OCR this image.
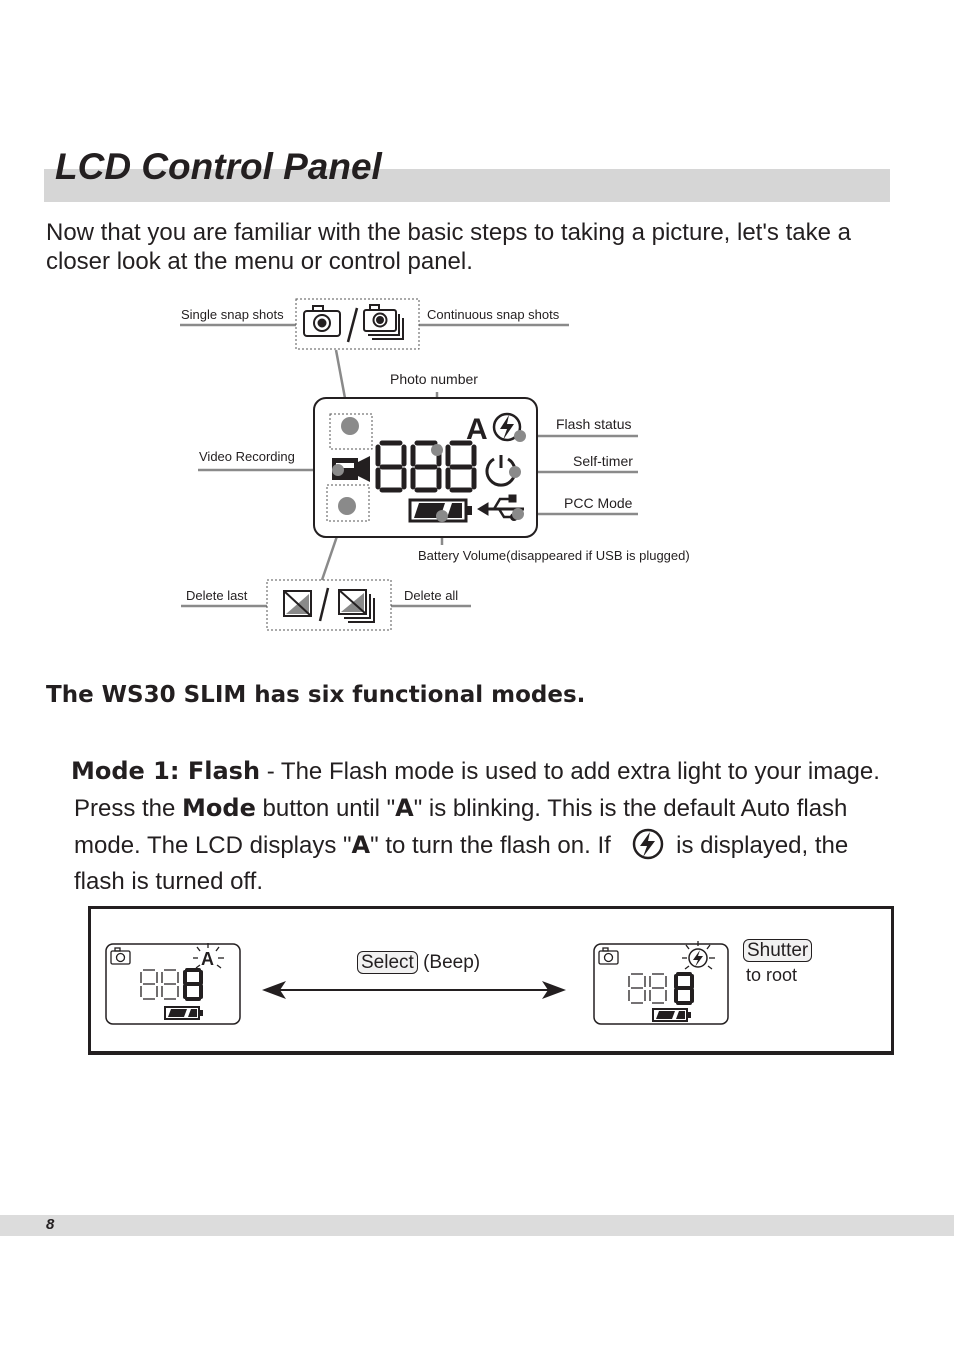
LCD Control Panel
Now that you are familiar with the basic steps to taking a picture, let's take a closer look at the menu or control panel.
A
Single snap shots	Continuous snap shots
Photo number
Flash status
Self-timer
PCC Mode
Video Recording
Battery Volume(disappeared if USB is plugged)
Delete last	Delete all
The WS30 SLIM has six functional modes.
Mode 1: Flash - The Flash mode is used to add extra light to your image. Press the Mode button until "A" is blinking. This is the default Auto flash mode. The LCD displays "A" to turn the flash on. If  is displayed, the flash is turned off.
A	Select (Beep)
Shutter
to root
8
